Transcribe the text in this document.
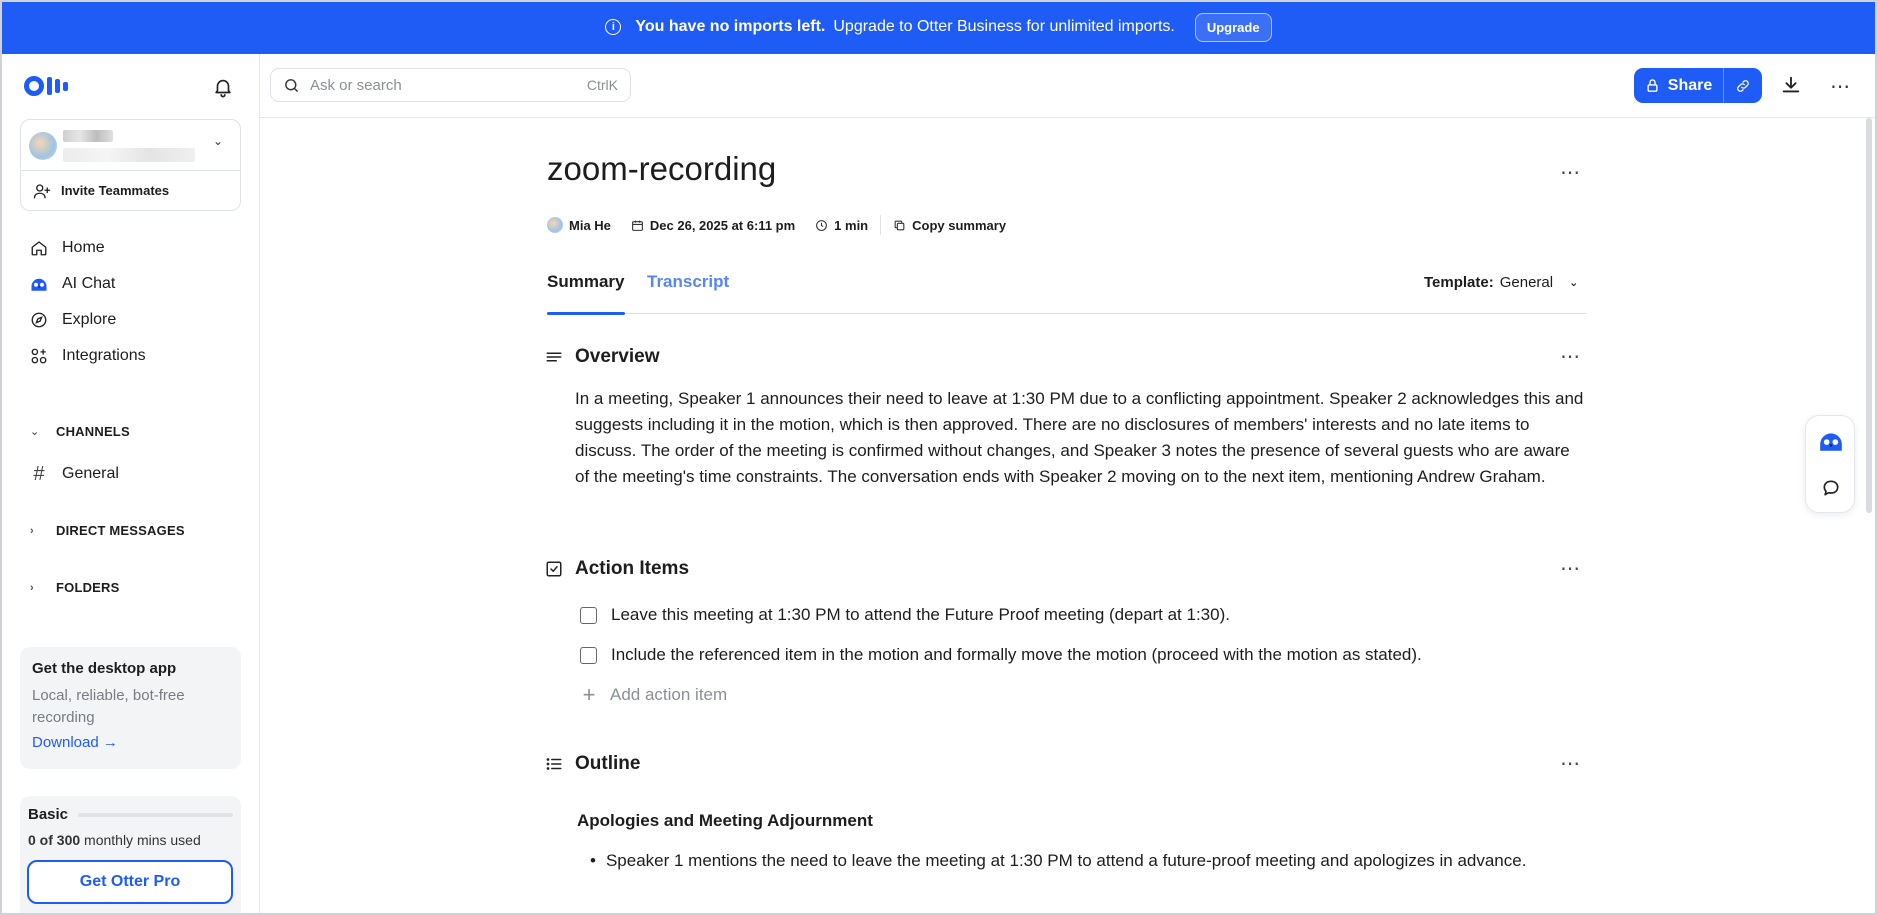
i	You have no imports left. Upgrade to Otter Business for unlimited imports.	Upgrade
⌄
Invite Teammates
Home
AI Chat
Explore
Integrations
⌄ CHANNELS
# General
›	DIRECT MESSAGES
›	FOLDERS
Get the desktop app
Local, reliable, bot-free recording
Download →
Basic
0 of 300 monthly mins used
Get Otter Pro
Ask or search	CtrlK	Share	⋯
zoom-recording	⋯
Mia He	Dec 26, 2025 at 6:11 pm	1 min	Copy summary
Summary Transcript	Template: General ⌄
Overview	⋯

In a meeting, Speaker 1 announces their need to leave at 1:30 PM due to a conflicting appointment. Speaker 2 acknowledges this and suggests including it in the motion, which is then approved. There are no disclosures of members' interests and no late items to discuss. The order of the meeting is confirmed without changes, and Speaker 3 notes the presence of several guests who are aware of the meeting's time constraints. The conversation ends with Speaker 2 moving on to the next item, mentioning Andrew Graham.

Action Items	⋯
Leave this meeting at 1:30 PM to attend the Future Proof meeting (depart at 1:30).
Include the referenced item in the motion and formally move the motion (proceed with the motion as stated).
+ Add action item
Outline	⋯
Apologies and Meeting Adjournment
• Speaker 1 mentions the need to leave the meeting at 1:30 PM to attend a future-proof meeting and apologizes in advance.
